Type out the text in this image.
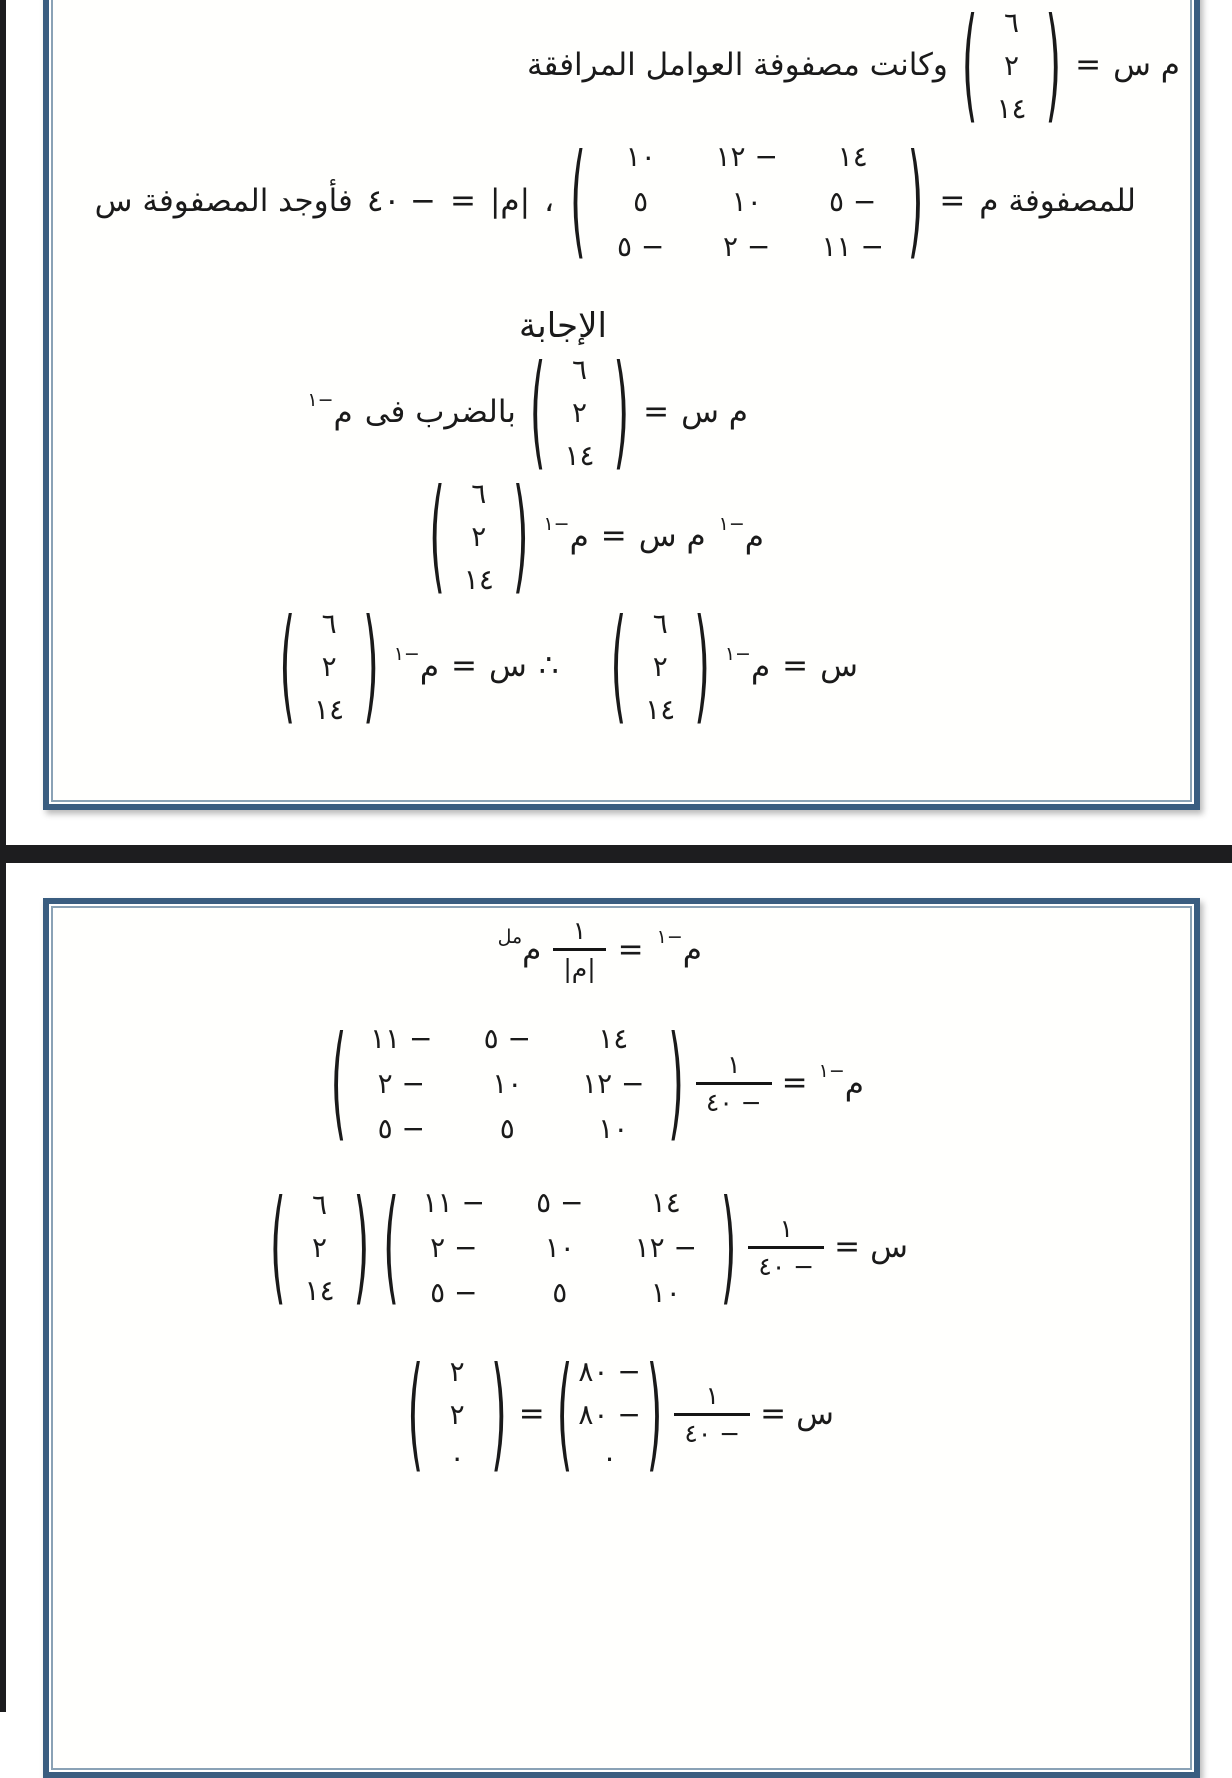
م س
=
( ٦
٢
١٤ )
وكانت مصفوفة العوامل المرافقة
للمصفوفة م
=
(	١٠	١٢ −	١٤
٥	١٠	٥ −
٥ −	٢ −	١١ − )
،
|م|
=
٤٠ −
فأوجد المصفوفة س
الإجابة
م س
=
( ٦
٢
١٤ )
بالضرب فى
م
١−
م
١−
م س
=
م
١−
( ٦
٢
١٤ )
س
=
م
١−
( ٦
٢
١٤ )
∴
س
=
م
١−
( ٦
٢
١٤ )
م
١−
=
$\frac{١}{\text{|م|}}$
م
مل
م
١−
=
$\frac{١}{٤٠ -}$
( ١١ −	٥ −	١٤
٢ −	١٠	١٢ −
٥ −	٥	١٠ )
س
=
$\frac{١}{٤٠ -}$
( ١١ −	٥ −	١٤
٢ −	١٠	١٢ −
٥ −	٥	١٠ )
( ٦
٢
١٤ )
س
=
$\frac{١}{٤٠ -}$
( ٨٠ −
٨٠ −
٠ )
=
( ٢
٢
٠ )
